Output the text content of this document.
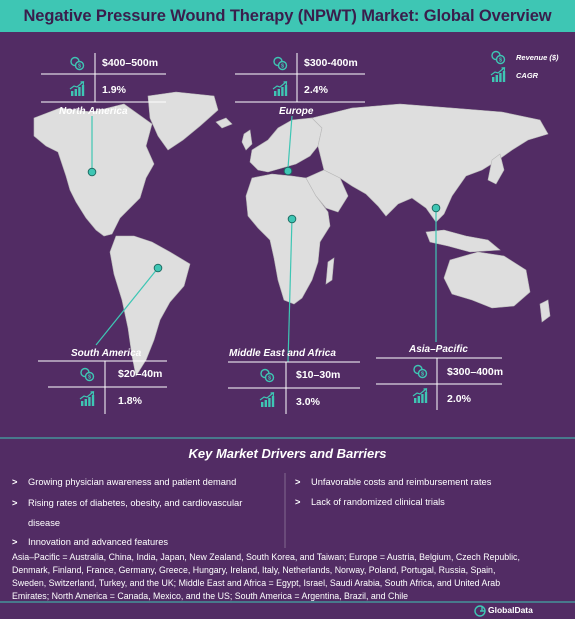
Negative Pressure Wound Therapy (NPWT) Market: Global Overview
$
Revenue ($)
CAGR
$400–500m
1.9%
North America
$300-400m
2.4%
Europe
South America
$20–40m
1.8%
Middle East and Africa
$10–30m
3.0%
Asia–Pacific
$300–400m
2.0%
Key Market Drivers and Barriers
> Growing physician awareness and patient demand
> Rising rates of diabetes, obesity, and cardiovascular
disease
> Innovation and advanced features
> Unfavorable costs and reimbursement rates
> Lack of randomized clinical trials
Asia–Pacific = Australia, China, India, Japan, New Zealand, South Korea, and Taiwan; Europe = Austria, Belgium, Czech Republic,
Denmark, Finland, France, Germany, Greece, Hungary, Ireland, Italy, Netherlands, Norway, Poland, Portugal, Russia, Spain,
Sweden, Switzerland, Turkey, and the UK; Middle East and Africa = Egypt, Israel, Saudi Arabia, South Africa, and United Arab
Emirates; North America = Canada, Mexico, and the US; South America = Argentina, Brazil, and Chile
GlobalData
